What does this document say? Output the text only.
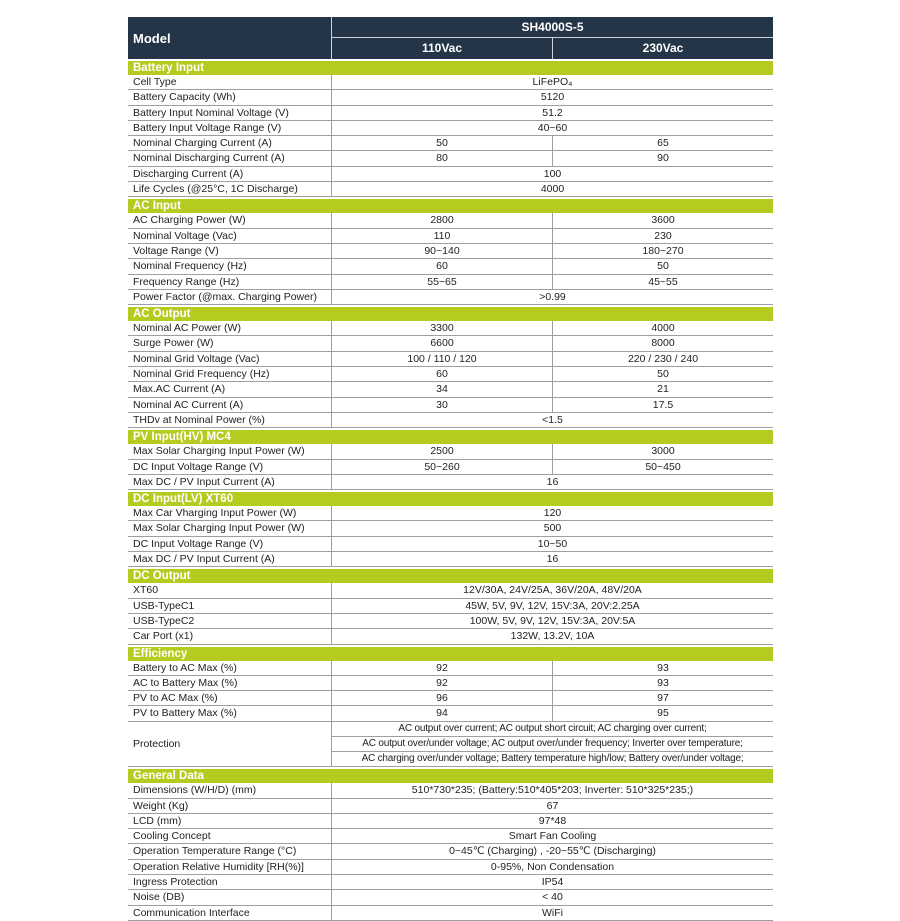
Model
SH4000S-5
110Vac	230Vac
Battery Input
Cell Type	LiFePO₄
Battery Capacity (Wh)	5120
Battery Input Nominal Voltage (V)	51.2
Battery Input Voltage Range (V)	40~60
Nominal Charging Current (A)	50	65
Nominal Discharging Current (A)	80	90
Discharging Current (A)	100
Life Cycles (@25°C, 1C Discharge)	4000
AC Input
AC Charging Power (W)	2800	3600
Nominal Voltage (Vac)	110	230
Voltage Range (V)	90~140	180~270
Nominal Frequency (Hz)	60	50
Frequency Range (Hz)	55~65	45~55
Power Factor (@max. Charging Power)	>0.99
AC Output
Nominal AC Power (W)	3300	4000
Surge Power (W)	6600	8000
Nominal Grid Voltage (Vac)	100 / 110 / 120	220 / 230 / 240
Nominal Grid Frequency (Hz)	60	50
Max.AC Current (A)	34	21
Nominal AC Current (A)	30	17.5
THDv at Nominal Power (%)	<1.5
PV Input(HV) MC4
Max Solar Charging Input Power (W)	2500	3000
DC Input Voltage Range (V)	50~260	50~450
Max DC / PV Input Current (A)	16
DC Input(LV) XT60
Max Car Vharging Input Power (W)	120
Max Solar Charging Input Power (W)	500
DC Input Voltage Range (V)	10~50
Max DC / PV Input Current (A)	16
DC Output
XT60	12V/30A, 24V/25A, 36V/20A, 48V/20A
USB-TypeC1	45W, 5V, 9V, 12V, 15V:3A, 20V:2.25A
USB-TypeC2	100W, 5V, 9V, 12V, 15V:3A, 20V:5A
Car Port (x1)	132W, 13.2V, 10A
Efficiency
Battery to AC Max (%)	92	93
AC to Battery Max (%)	92	93
PV to AC Max (%)	96	97
PV to Battery Max (%)	94	95
Protection
AC output over current; AC output short circuit; AC charging over current;
AC output over/under voltage; AC output over/under frequency; Inverter over temperature;
AC charging over/under voltage; Battery temperature high/low; Battery over/under voltage;
General Data
Dimensions (W/H/D) (mm)	510*730*235; (Battery:510*405*203; Inverter: 510*325*235;)
Weight (Kg)	67
LCD (mm)	97*48
Cooling Concept	Smart Fan Cooling
Operation Temperature Range (°C)	0~45℃ (Charging) , -20~55℃ (Discharging)
Operation Relative Humidity [RH(%)]	0-95%, Non Condensation
Ingress Protection	IP54
Noise (DB)	< 40
Communication Interface	WiFi
